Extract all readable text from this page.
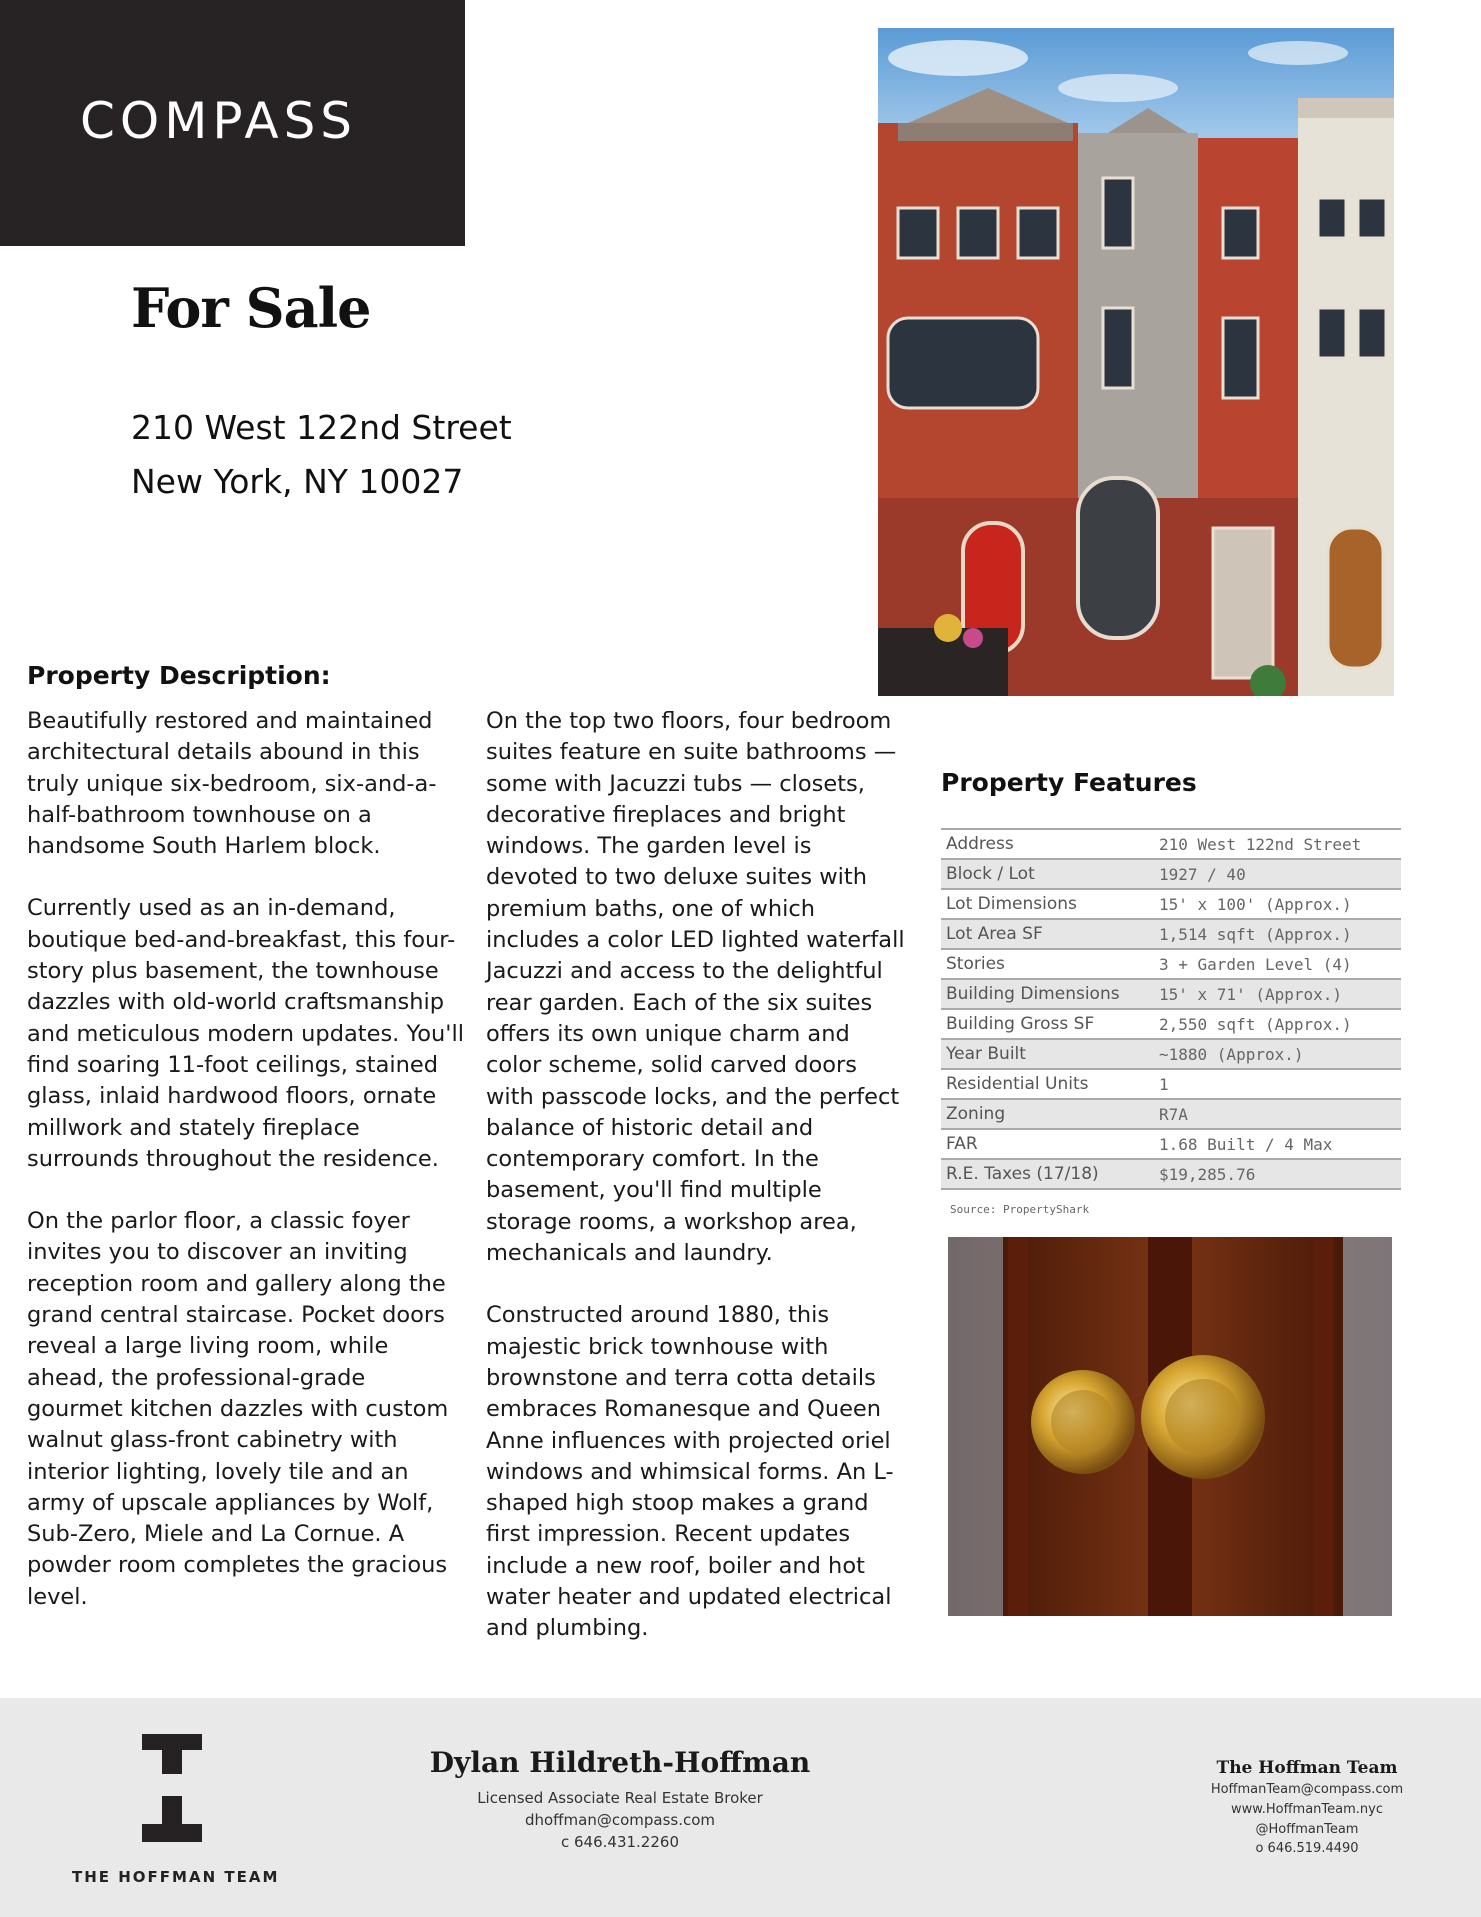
COMPASS
For Sale
210 West 122nd Street
New York, NY 10027
Property Description:

Beautifully restored and maintained architectural details abound in this truly unique six-bedroom, six-and-a-half-bathroom townhouse on a handsome South Harlem block.

Currently used as an in-demand, boutique bed-and-breakfast, this four-story plus basement, the townhouse dazzles with old-world craftsmanship and meticulous modern updates. You'll find soaring 11-foot ceilings, stained glass, inlaid hardwood floors, ornate millwork and stately fireplace surrounds throughout the residence.

On the parlor floor, a classic foyer invites you to discover an inviting reception room and gallery along the grand central staircase. Pocket doors reveal a large living room, while ahead, the professional-grade gourmet kitchen dazzles with custom walnut glass-front cabinetry with interior lighting, lovely tile and an army of upscale appliances by Wolf, Sub-Zero, Miele and La Cornue. A powder room completes the gracious level.

On the top two floors, four bedroom suites feature en suite bathrooms — some with Jacuzzi tubs — closets, decorative fireplaces and bright windows. The garden level is devoted to two deluxe suites with premium baths, one of which includes a color LED lighted waterfall Jacuzzi and access to the delightful rear garden. Each of the six suites offers its own unique charm and color scheme, solid carved doors with passcode locks, and the perfect balance of historic detail and contemporary comfort. In the basement, you'll find multiple storage rooms, a workshop area, mechanicals and laundry.

Constructed around 1880, this majestic brick townhouse with brownstone and terra cotta details embraces Romanesque and Queen Anne influences with projected oriel windows and whimsical forms. An L-shaped high stoop makes a grand first impression. Recent updates include a new roof, boiler and hot water heater and updated electrical and plumbing.

Property Features
Address	210 West 122nd Street
Block / Lot	1927 / 40
Lot Dimensions	15' x 100' (Approx.)
Lot Area SF	1,514 sqft (Approx.)
Stories	3 + Garden Level (4)
Building Dimensions	15' x 71' (Approx.)
Building Gross SF	2,550 sqft (Approx.)
Year Built	~1880 (Approx.)
Residential Units	1
Zoning	R7A
FAR	1.68 Built / 4 Max
R.E. Taxes (17/18)	$19,285.76
Source: PropertyShark
THE HOFFMAN TEAM
Dylan Hildreth-Hoffman
Licensed Associate Real Estate Broker
dhoffman@compass.com
c 646.431.2260
The Hoffman Team
HoffmanTeam@compass.com
www.HoffmanTeam.nyc
@HoffmanTeam
o 646.519.4490
